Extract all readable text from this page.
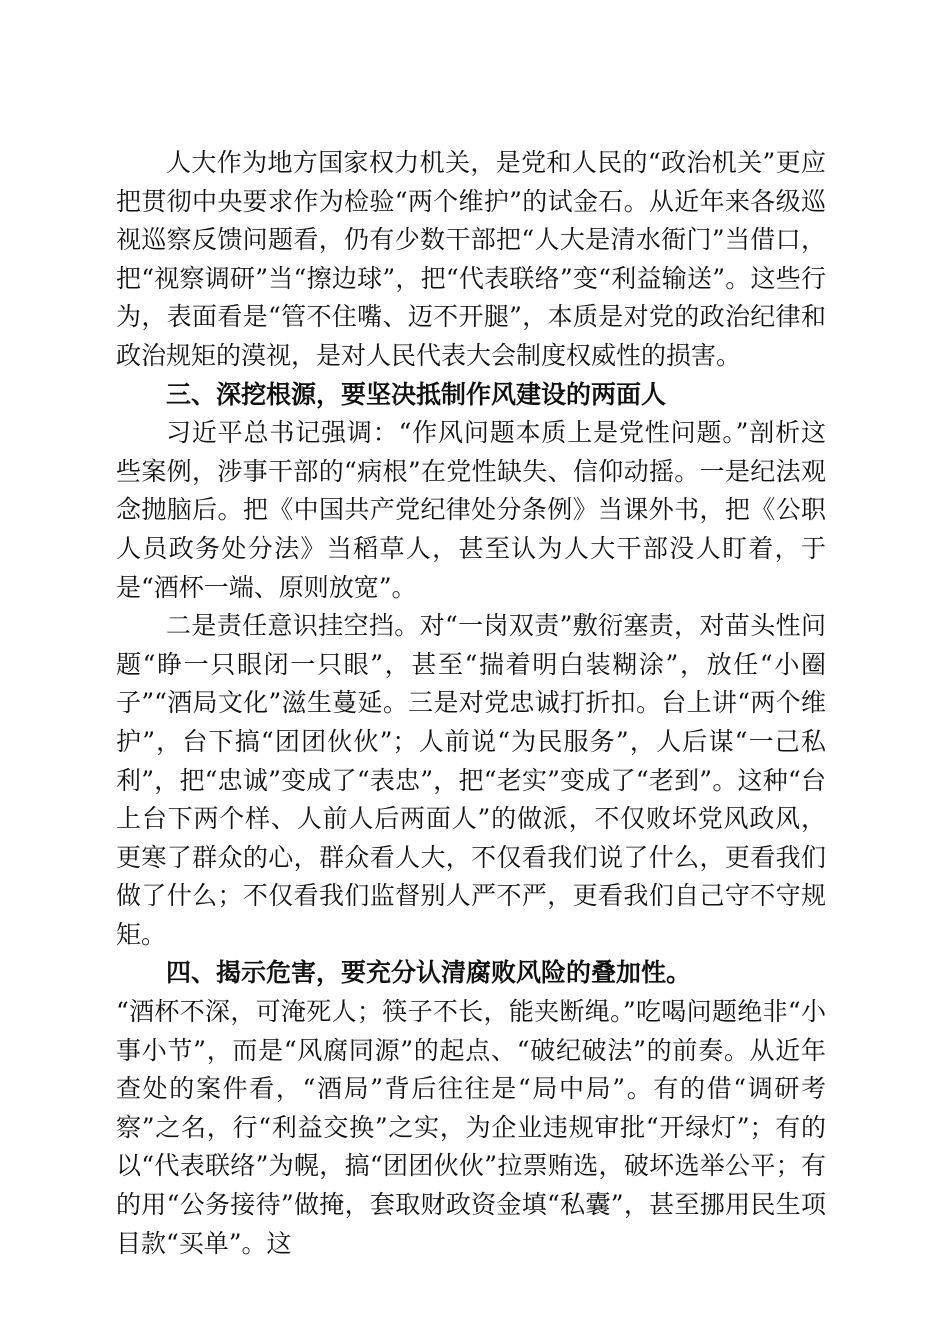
人大作为地方国家权力机关，是党和人民的“政治机关”更应把贯彻中央要求作为检验“两个维护”的试金石。从近年来各级巡视巡察反馈问题看，仍有少数干部把“人大是清水衙门”当借口，把“视察调研”当“擦边球”，把“代表联络”变“利益输送”。这些行为，表面看是“管不住嘴、迈不开腿”，本质是对党的政治纪律和政治规矩的漠视，是对人民代表大会制度权威性的损害。

三、深挖根源，要坚决抵制作风建设的两面人

习近平总书记强调：“作风问题本质上是党性问题。”剖析这些案例，涉事干部的“病根”在党性缺失、信仰动摇。一是纪法观念抛脑后。把《中国共产党纪律处分条例》当课外书，把《公职人员政务处分法》当稻草人，甚至认为人大干部没人盯着，于是“酒杯一端、原则放宽”。

二是责任意识挂空挡。对“一岗双责”敷衍塞责，对苗头性问题“睁一只眼闭一只眼”，甚至“揣着明白装糊涂”，放任“小圈子”“酒局文化”滋生蔓延。三是对党忠诚打折扣。台上讲“两个维护”，台下搞“团团伙伙”；人前说“为民服务”，人后谋“一己私利”，把“忠诚”变成了“表忠”，把“老实”变成了“老到”。这种“台上台下两个样、人前人后两面人”的做派，不仅败坏党风政风，更寒了群众的心，群众看人大，不仅看我们说了什么，更看我们做了什么；不仅看我们监督别人严不严，更看我们自己守不守规矩。

四、揭示危害，要充分认清腐败风险的叠加性。

“酒杯不深，可淹死人；筷子不长，能夹断绳。”吃喝问题绝非“小事小节”，而是“风腐同源”的起点、“破纪破法”的前奏。从近年查处的案件看，“酒局”背后往往是“局中局”。有的借“调研考察”之名，行“利益交换”之实，为企业违规审批“开绿灯”；有的以“代表联络”为幌，搞“团团伙伙”拉票贿选，破坏选举公平；有的用“公务接待”做掩，套取财政资金填“私囊”，甚至挪用民生项目款“买单”。这
